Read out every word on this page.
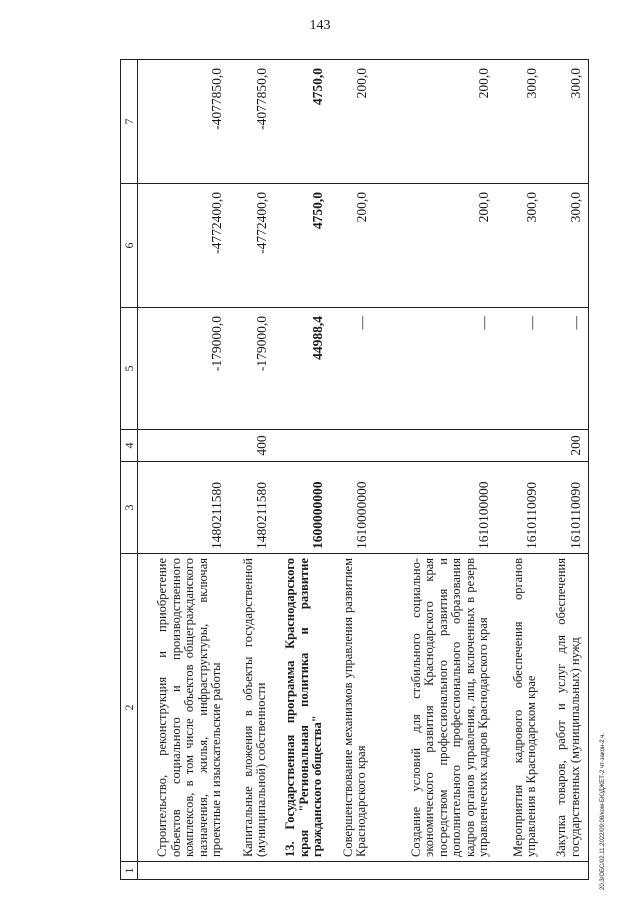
143
1	2	3	4	5	6	7
	Строительство, реконструкция и приобретение объектов социального и производственного комплексов, в том числе объектов общегражданского назначения, жилья, инфраструктуры, включая проектные и изыскательские работы	1480211580		-179000,0	-4772400,0	-4077850,0
	Капитальные вложения в объекты государственной (муниципальной) собственности	1480211580	400	-179000,0	-4772400,0	-4077850,0
	13. Государственная программа Краснодарского края "Региональная политика и развитие гражданского общества"	1600000000		44988,4	4750,0	4750,0
	Совершенствование механизмов управления развитием Краснодарского края	1610000000		—	200,0	200,0
	Создание условий для стабильного социально-экономического развития Краснодарского края посредством профессионального развития и дополнительного профессионального образования кадров органов управления, лиц, включенных в резерв управленческих кадров Краснодарского края	1610100000		—	200,0	200,0
	Мероприятия кадрового обеспечения органов управления в Краснодарском крае	1610110090		—	300,0	300,0
	Закупка товаров, работ и услуг для обеспечения государственных (муниципальных) нужд	1610110090	200	—	300,0	300,0
20.3/ОБС/02.11.2022/09:08/ком-БЮДЖЕТ-2 чт-закон-2 ч.
